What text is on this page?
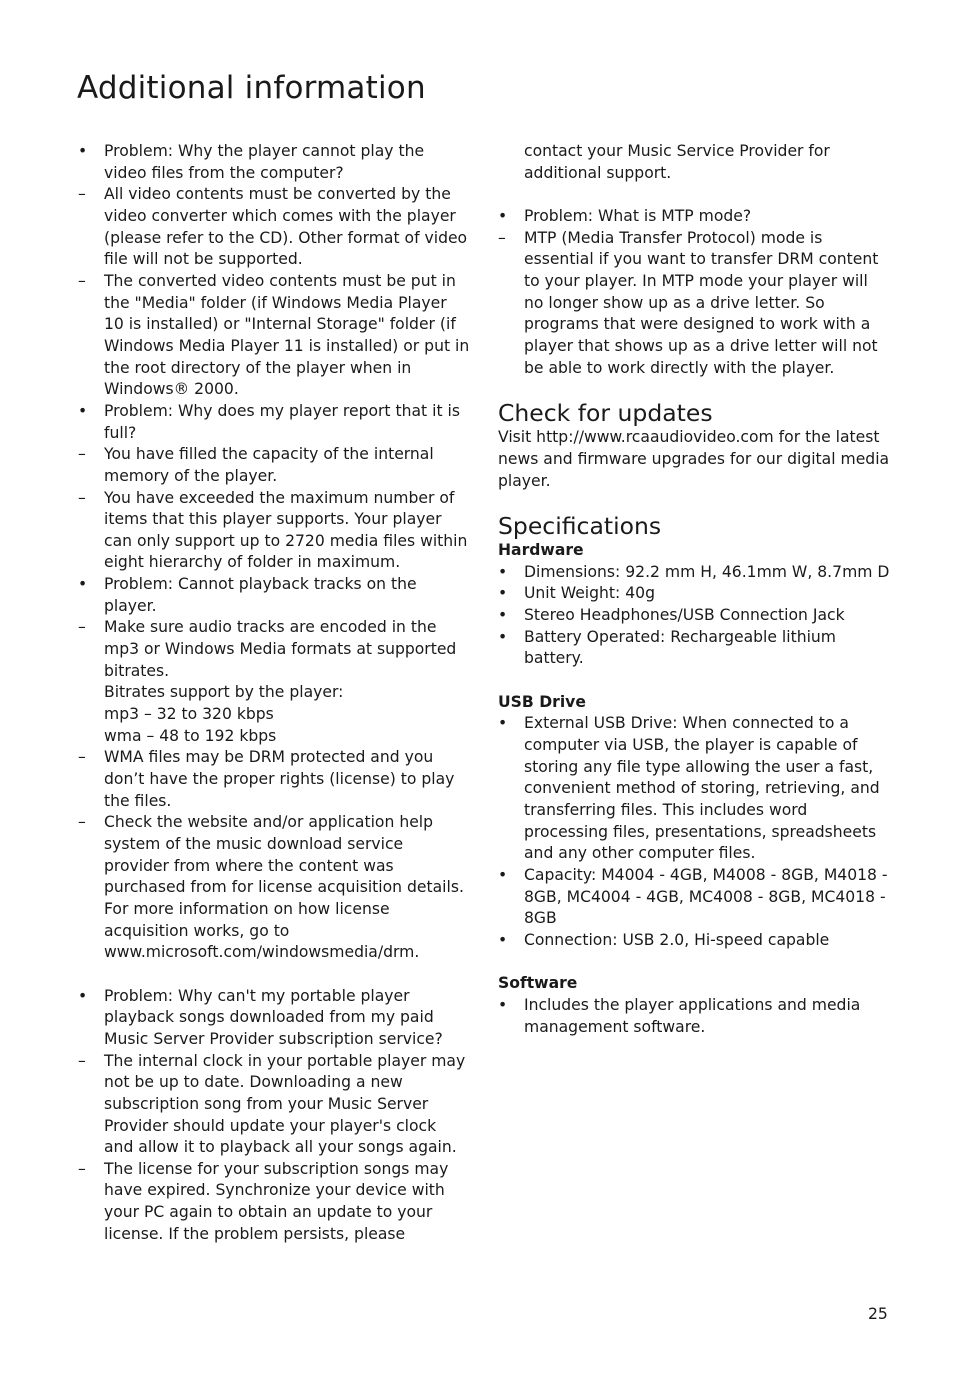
Additional information
•	Problem: Why the player cannot play the video files from the computer?
–	All video contents must be converted by the video converter which comes with the player (please refer to the CD). Other format of video file will not be supported.
–	The converted video contents must be put in the "Media" folder (if Windows Media Player 10 is installed) or "Internal Storage" folder (if Windows Media Player 11 is installed) or put in the root directory of the player when in Windows® 2000.
•	Problem: Why does my player report that it is full?
–	You have filled the capacity of the internal memory of the player.
–	You have exceeded the maximum number of items that this player supports. Your player can only support up to 2720 media files within eight hierarchy of folder in maximum.
•	Problem: Cannot playback tracks on the player.
–	Make sure audio tracks are encoded in the mp3 or Windows Media formats at supported bitrates.
Bitrates support by the player:
mp3 – 32 to 320 kbps
wma – 48 to 192 kbps
–	WMA files may be DRM protected and you don’t have the proper rights (license) to play the files.
–	Check the website and/or application help system of the music download service provider from where the content was purchased from for license acquisition details. For more information on how license acquisition works, go to www.microsoft.com/windowsmedia/drm.
•	Problem: Why can't my portable player playback songs downloaded from my paid Music Server Provider subscription service?
–	The internal clock in your portable player may not be up to date. Downloading a new subscription song from your Music Server Provider should update your player's clock and allow it to playback all your songs again.
–	The license for your subscription songs may have expired. Synchronize your device with your PC again to obtain an update to your license. If the problem persists, please
contact your Music Service Provider for additional support.
•	Problem: What is MTP mode?
–	MTP (Media Transfer Protocol) mode is essential if you want to transfer DRM content to your player. In MTP mode your player will no longer show up as a drive letter. So programs that were designed to work with a player that shows up as a drive letter will not be able to work directly with the player.
Check for updates

Visit http://www.rcaaudiovideo.com for the latest news and firmware upgrades for our digital media player.

Specifications
Hardware
•	Dimensions: 92.2 mm H, 46.1mm W, 8.7mm D
•	Unit Weight: 40g
•	Stereo Headphones/USB Connection Jack
•	Battery Operated: Rechargeable lithium battery.
USB Drive
•	External USB Drive: When connected to a computer via USB, the player is capable of storing any file type allowing the user a fast, convenient method of storing, retrieving, and transferring files. This includes word processing files, presentations, spreadsheets and any other computer files.
•	Capacity: M4004 - 4GB, M4008 - 8GB, M4018 - 8GB, MC4004 - 4GB, MC4008 - 8GB, MC4018 - 8GB
•	Connection: USB 2.0, Hi-speed capable
Software
•	Includes the player applications and media management software.
25
